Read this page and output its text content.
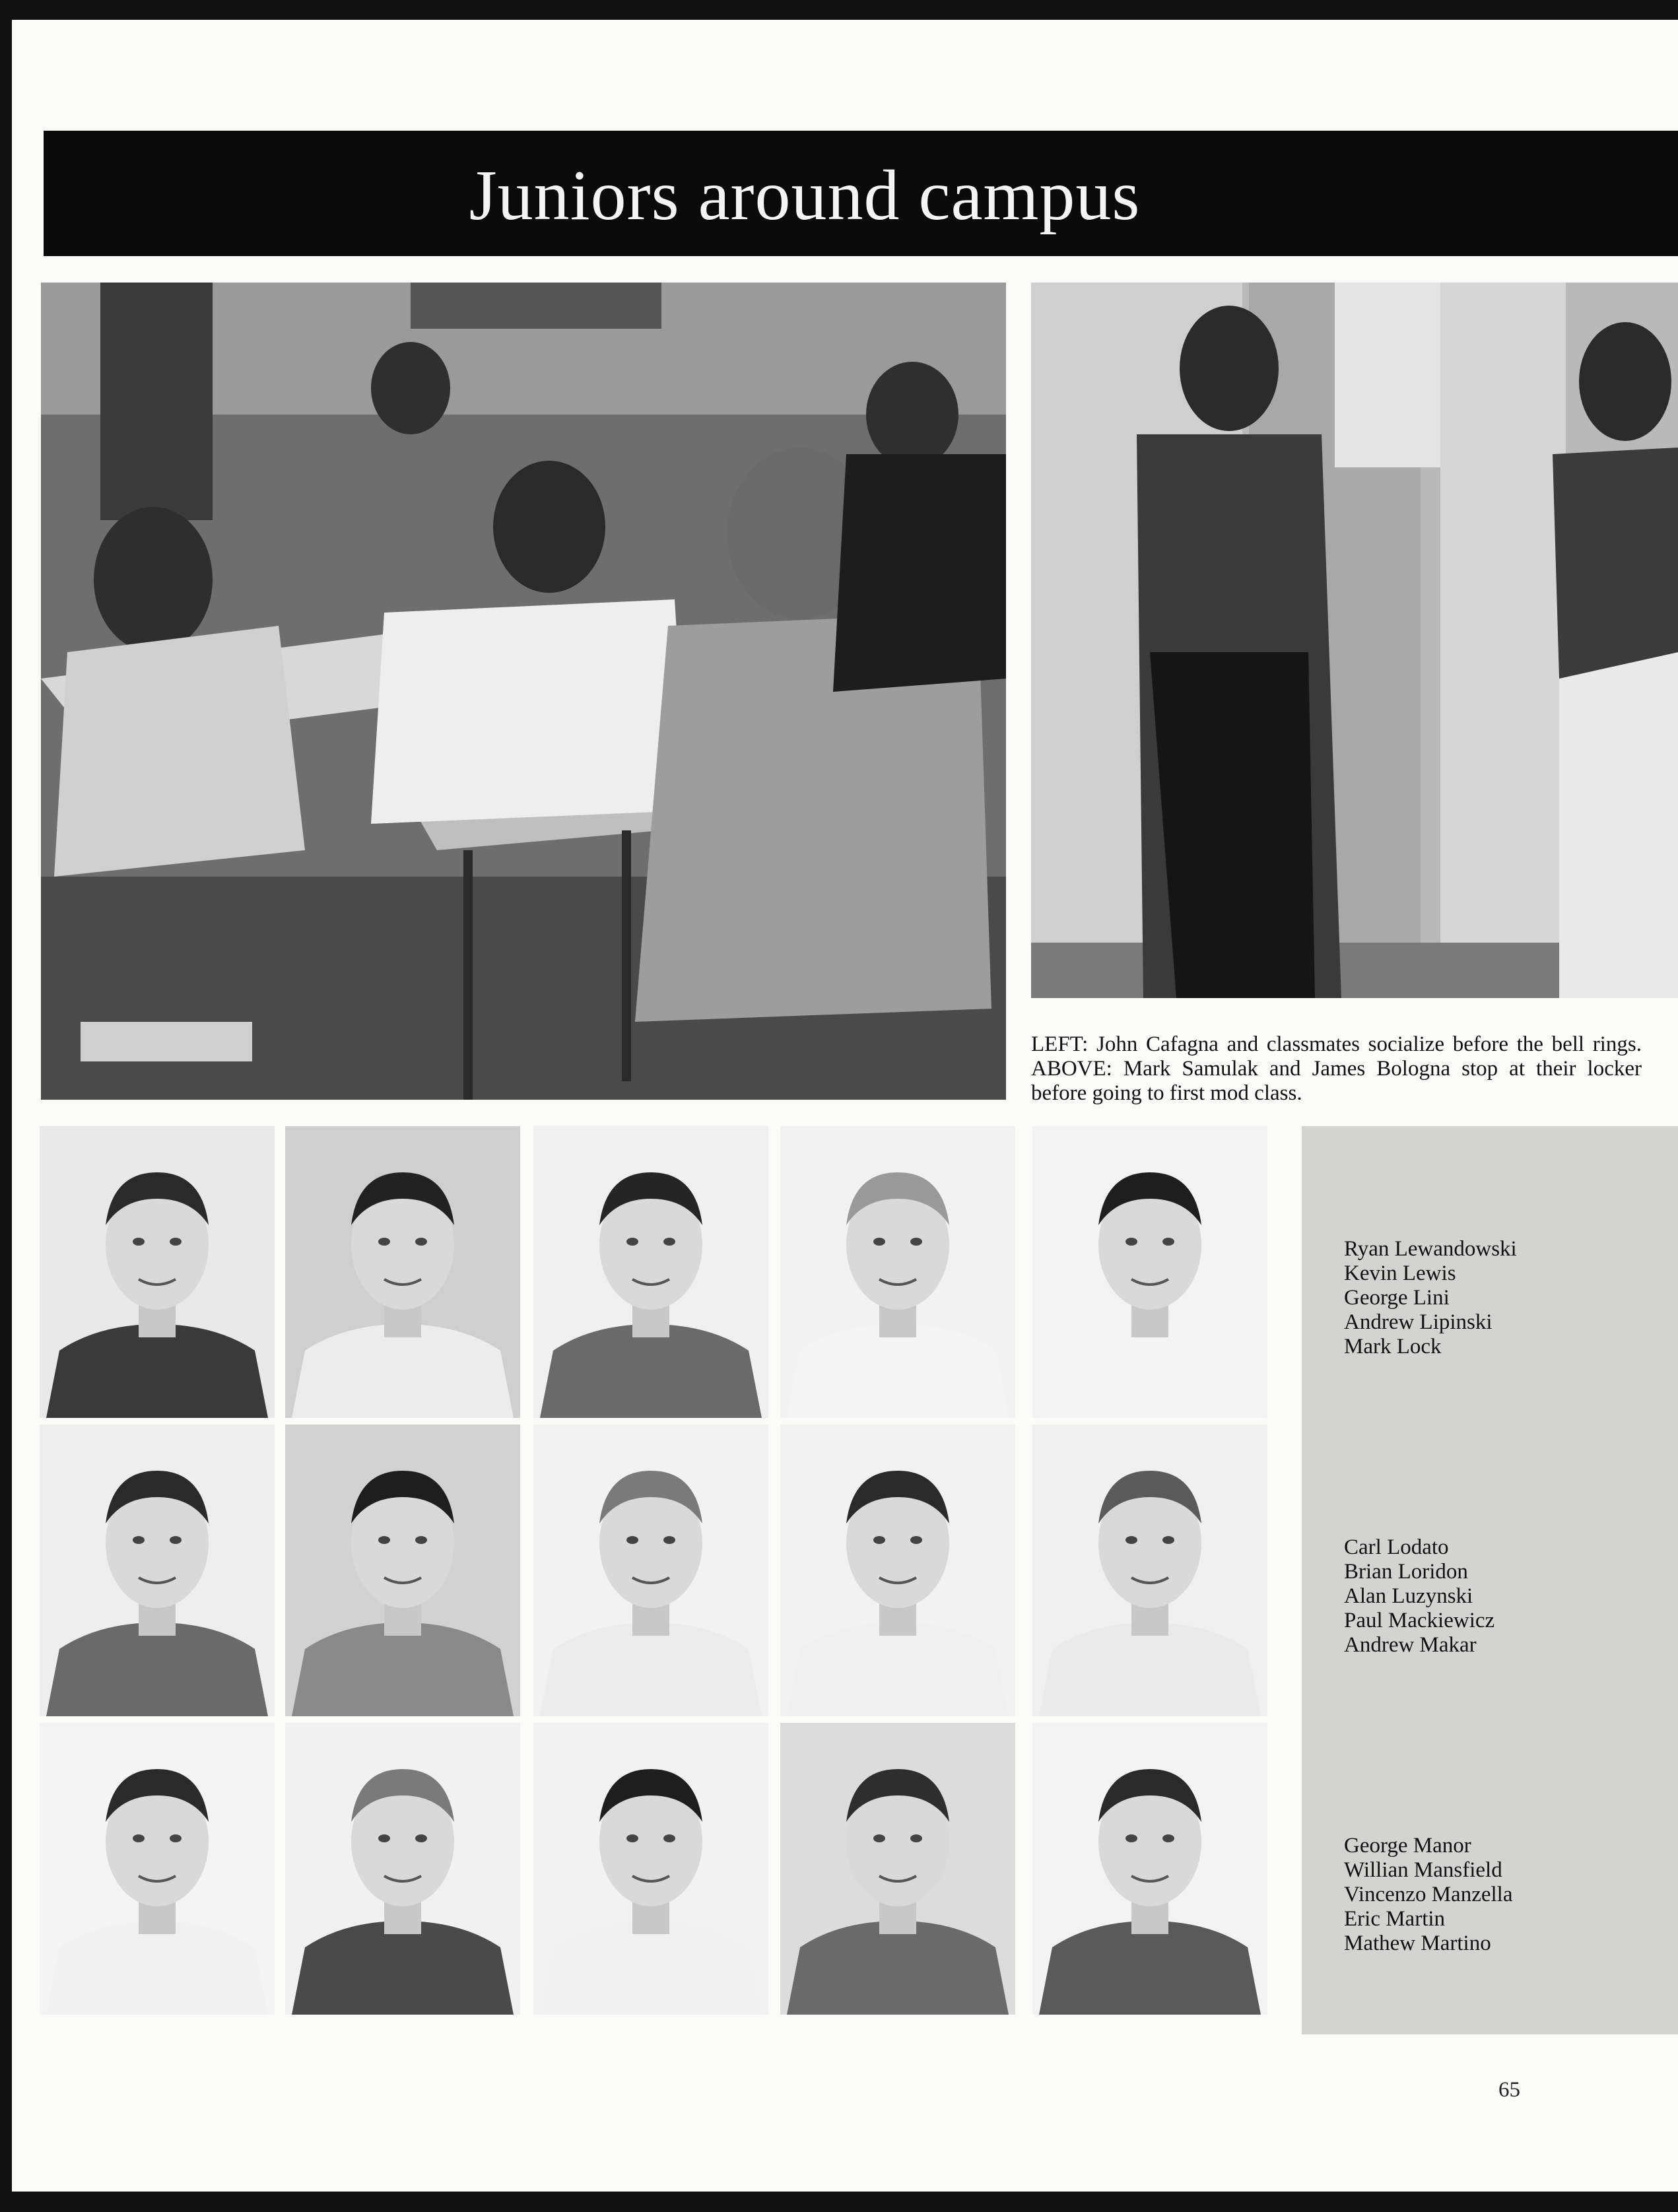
Juniors around campus
LEFT: John Cafagna and classmates socialize before the bell rings. ABOVE: Mark Samulak and James Bologna stop at their locker before going to first mod class.
Ryan Lewandowski
Kevin Lewis
George Lini
Andrew Lipinski
Mark Lock
Carl Lodato
Brian Loridon
Alan Luzynski
Paul Mackiewicz
Andrew Makar
George Manor
Willian Mansfield
Vincenzo Manzella
Eric Martin
Mathew Martino
65
